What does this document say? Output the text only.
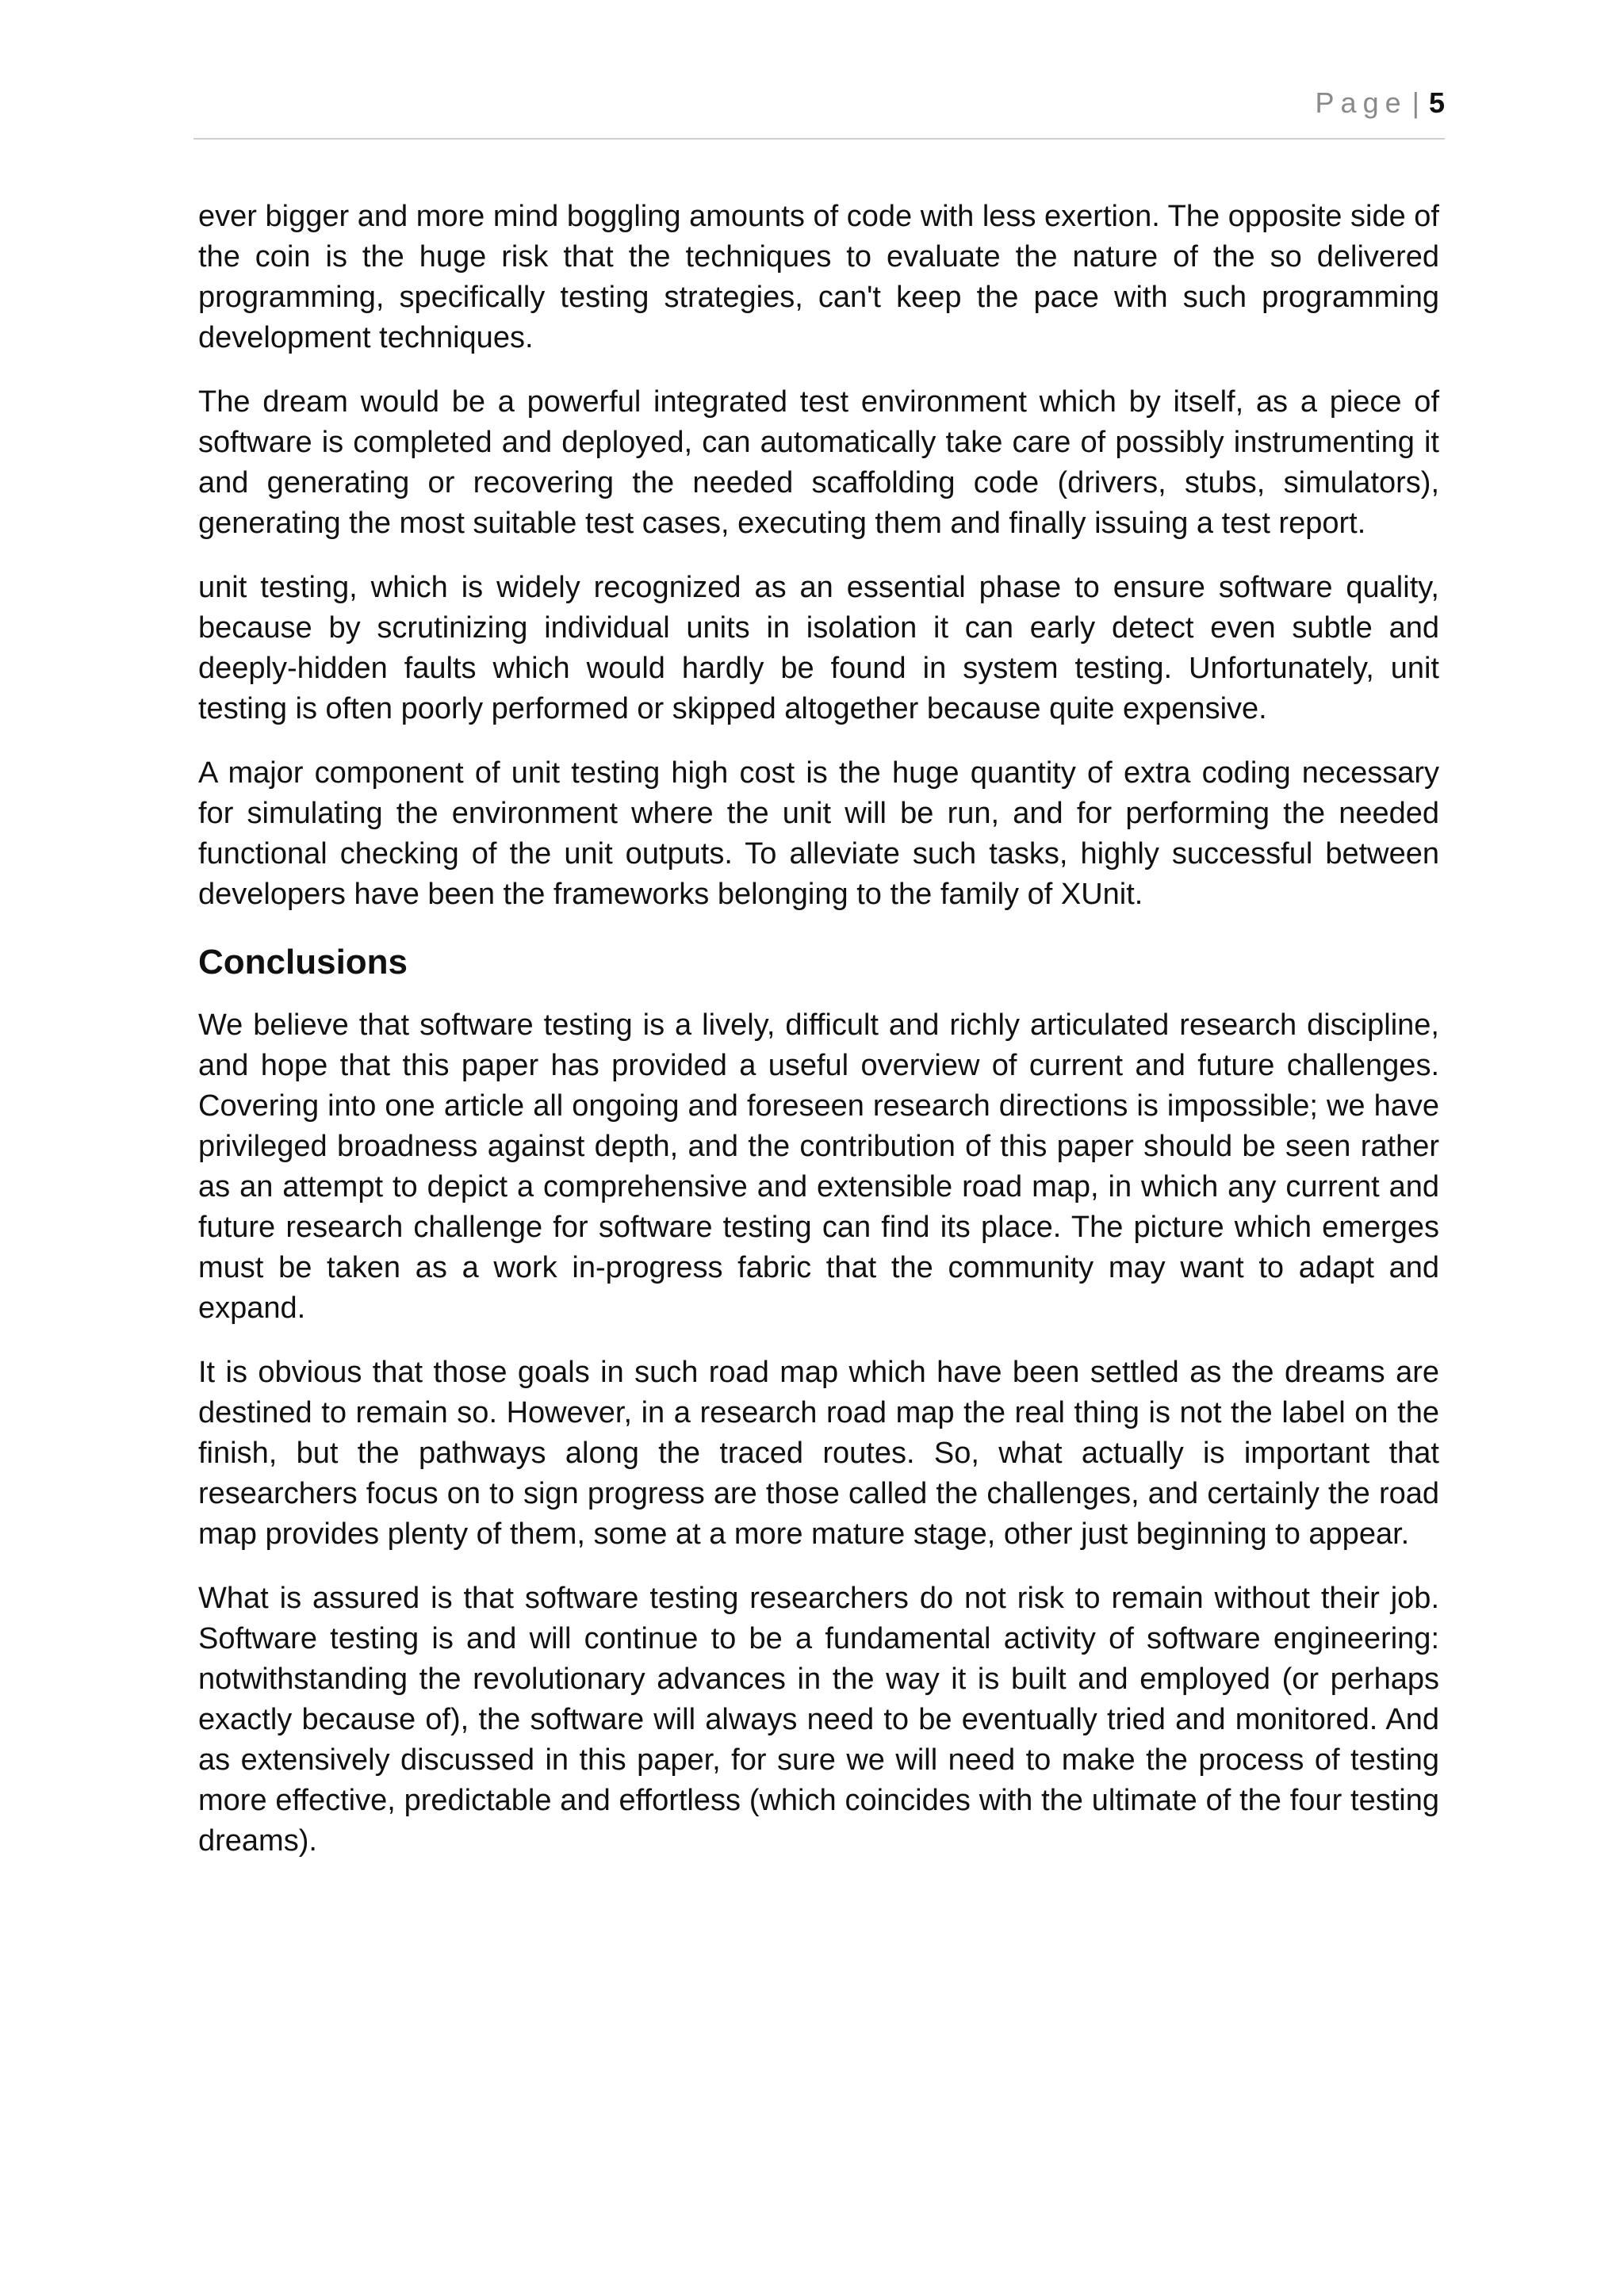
Page | 5

ever bigger and more mind boggling amounts of code with less exertion. The opposite side of the coin is the huge risk that the techniques to evaluate the nature of the so delivered programming, specifically testing strategies, can't keep the pace with such programming development techniques.

The dream would be a powerful integrated test environment which by itself, as a piece of software is completed and deployed, can automatically take care of possibly instrumenting it and generating or recovering the needed scaffolding code (drivers, stubs, simulators), generating the most suitable test cases, executing them and finally issuing a test report.

unit testing, which is widely recognized as an essential phase to ensure software quality, because by scrutinizing individual units in isolation it can early detect even subtle and deeply-hidden faults which would hardly be found in system testing. Unfortunately, unit testing is often poorly performed or skipped altogether because quite expensive.

A major component of unit testing high cost is the huge quantity of extra coding necessary for simulating the environment where the unit will be run, and for performing the needed functional checking of the unit outputs. To alleviate such tasks, highly successful between developers have been the frameworks belonging to the family of XUnit.

Conclusions

We believe that software testing is a lively, difficult and richly articulated research discipline, and hope that this paper has provided a useful overview of current and future challenges. Covering into one article all ongoing and foreseen research directions is impossible; we have privileged broadness against depth, and the contribution of this paper should be seen rather as an attempt to depict a comprehensive and extensible road map, in which any current and future research challenge for software testing can find its place. The picture which emerges must be taken as a work in-progress fabric that the community may want to adapt and expand.

It is obvious that those goals in such road map which have been settled as the dreams are destined to remain so. However, in a research road map the real thing is not the label on the finish, but the pathways along the traced routes. So, what actually is important that researchers focus on to sign progress are those called the challenges, and certainly the road map provides plenty of them, some at a more mature stage, other just beginning to appear.

What is assured is that software testing researchers do not risk to remain without their job. Software testing is and will continue to be a fundamental activity of software engineering: notwithstanding the revolutionary advances in the way it is built and employed (or perhaps exactly because of), the software will always need to be eventually tried and monitored. And as extensively discussed in this paper, for sure we will need to make the process of testing more effective, predictable and effortless (which coincides with the ultimate of the four testing dreams).
